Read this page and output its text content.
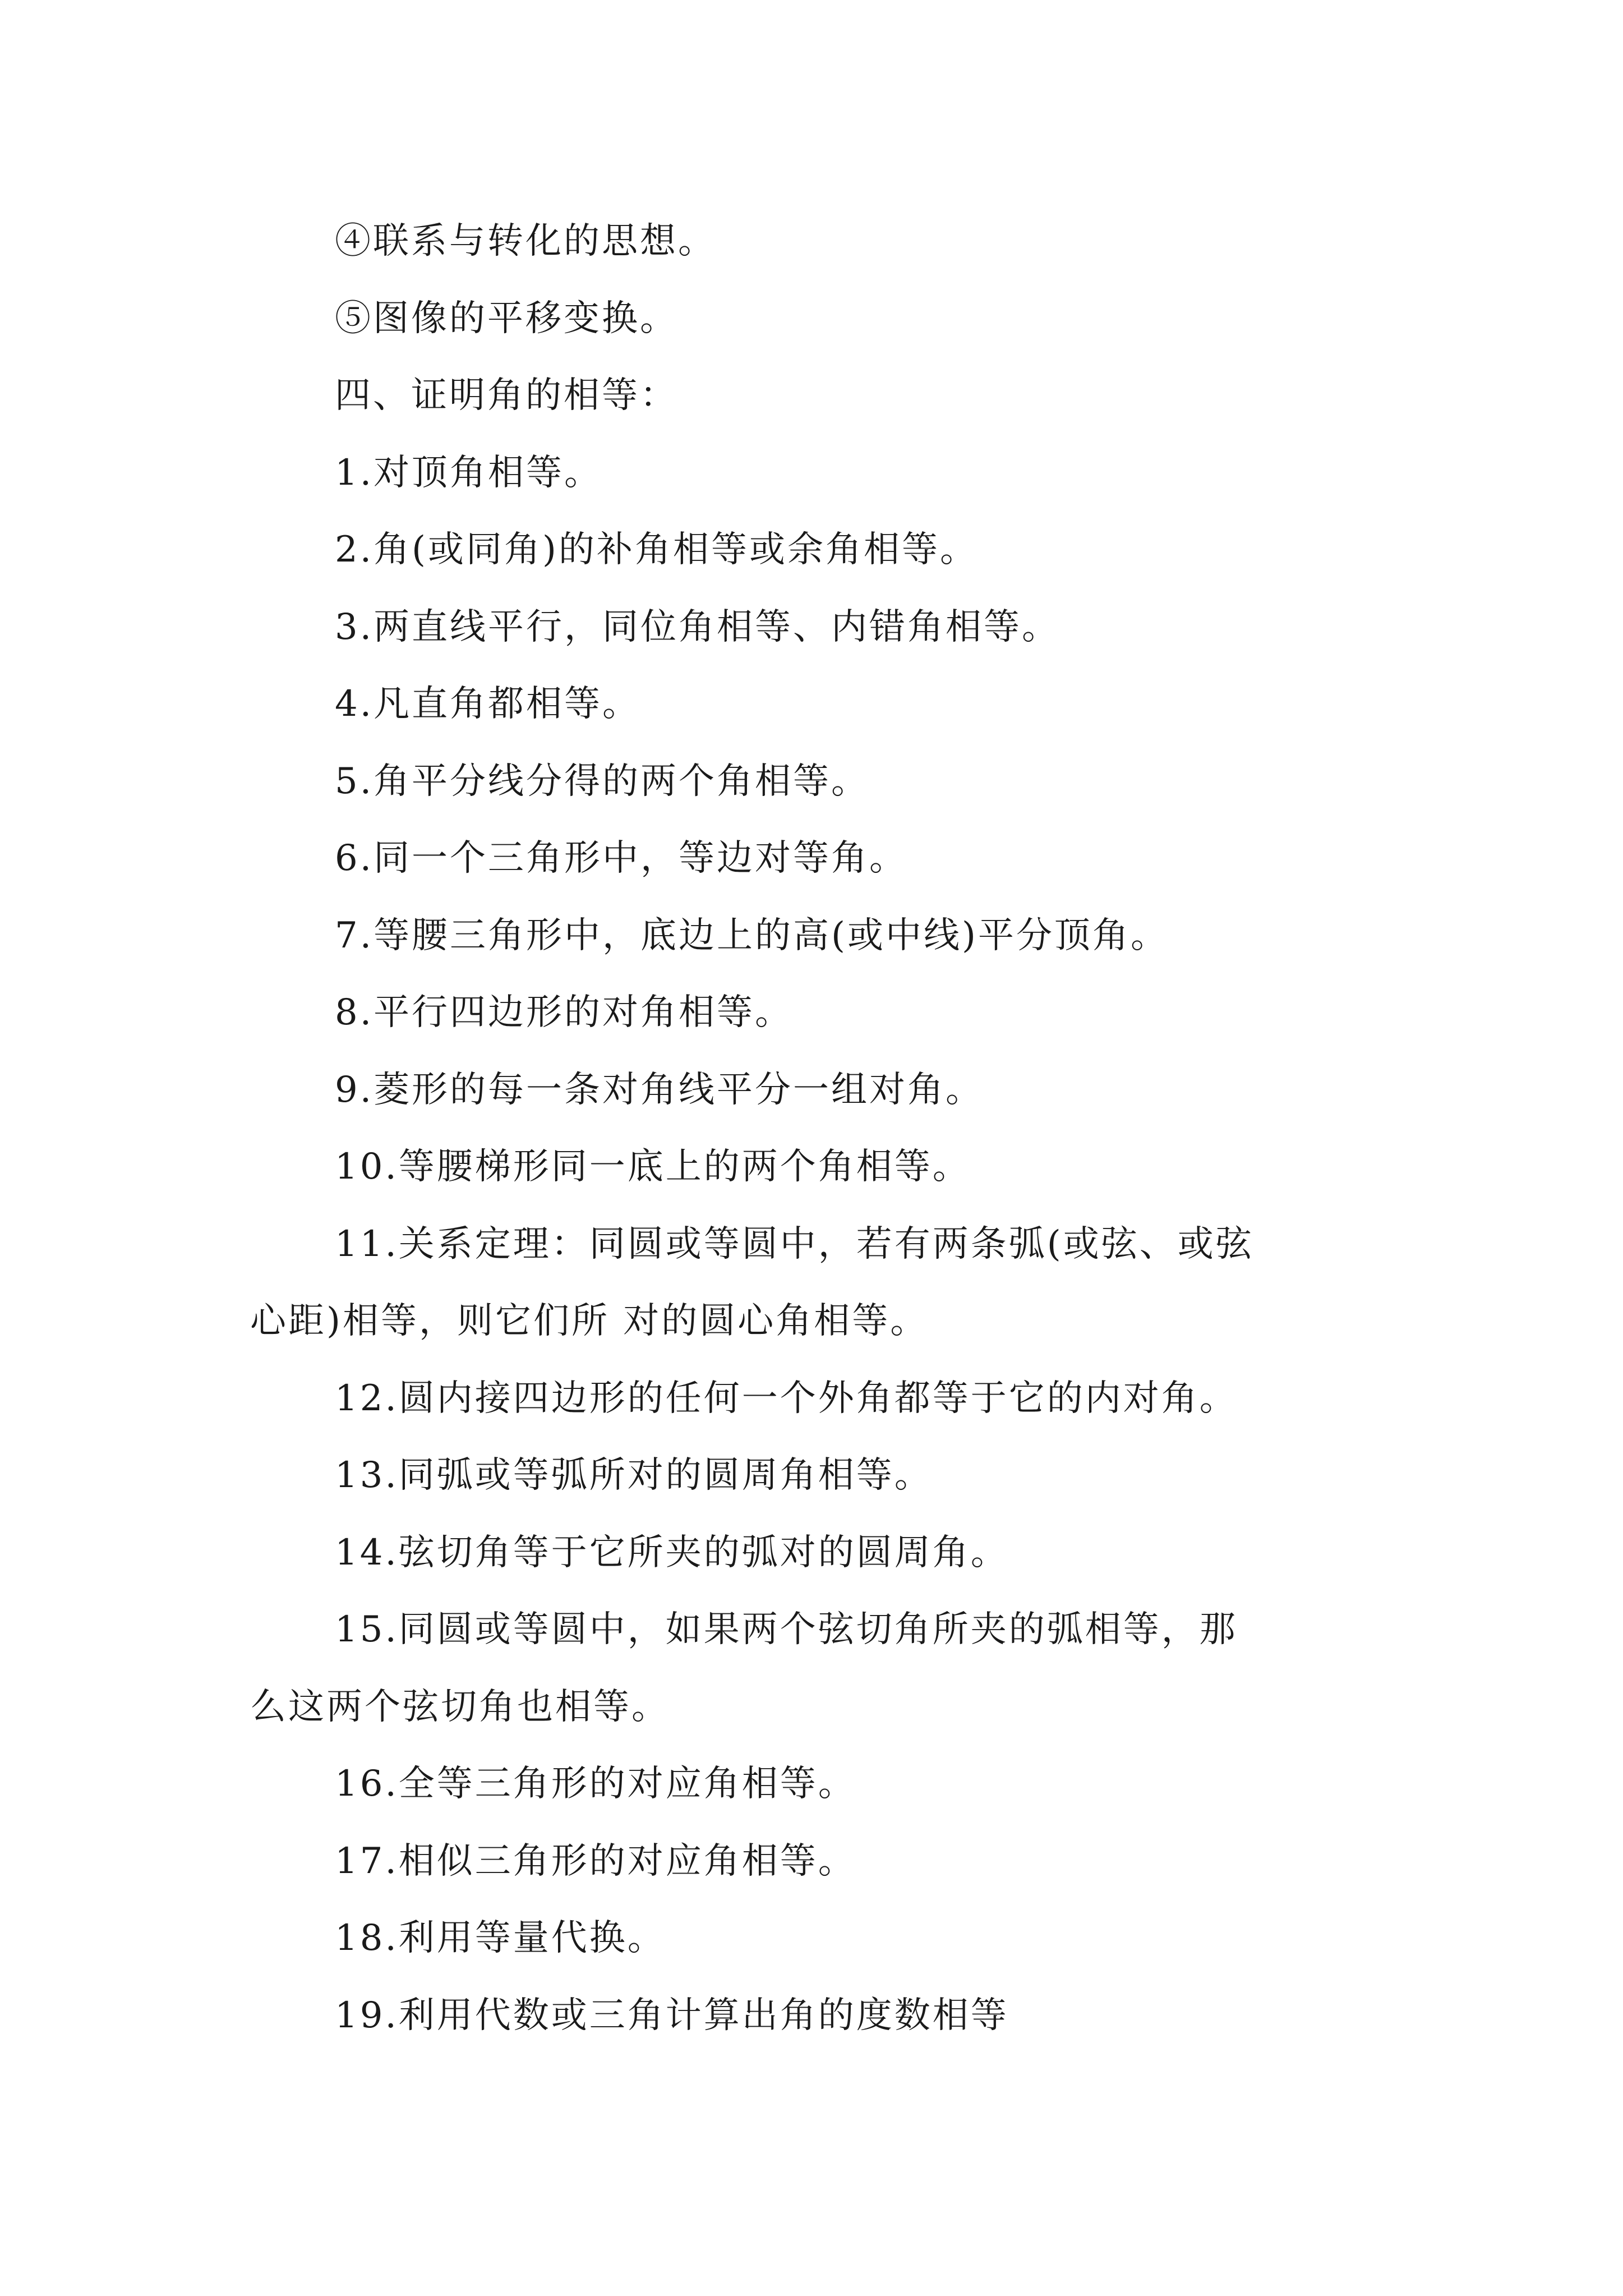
④联系与转化的思想。
⑤图像的平移变换。
四、证明角的相等：
1.对顶角相等。
2.角(或同角)的补角相等或余角相等。
3.两直线平行，同位角相等、内错角相等。
4.凡直角都相等。
5.角平分线分得的两个角相等。
6.同一个三角形中，等边对等角。
7.等腰三角形中，底边上的高(或中线)平分顶角。
8.平行四边形的对角相等。
9.菱形的每一条对角线平分一组对角。
10.等腰梯形同一底上的两个角相等。
11.关系定理：同圆或等圆中，若有两条弧(或弦、或弦
心距)相等，则它们所 对的圆心角相等。
12.圆内接四边形的任何一个外角都等于它的内对角。
13.同弧或等弧所对的圆周角相等。
14.弦切角等于它所夹的弧对的圆周角。
15.同圆或等圆中，如果两个弦切角所夹的弧相等，那
么这两个弦切角也相等。
16.全等三角形的对应角相等。
17.相似三角形的对应角相等。
18.利用等量代换。
19.利用代数或三角计算出角的度数相等
